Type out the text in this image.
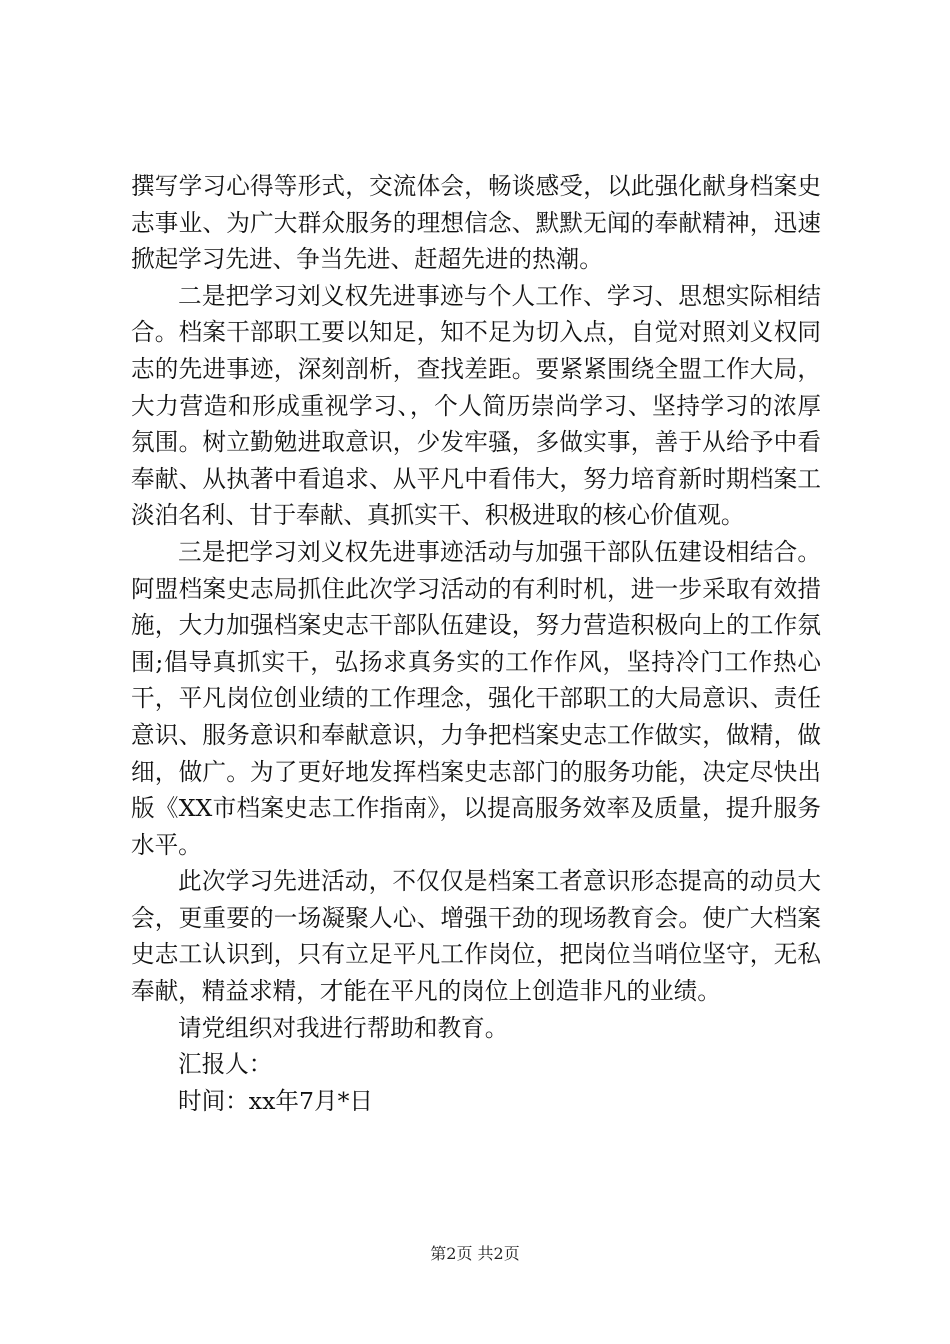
撰写学习心得等形式，交流体会，畅谈感受，以此强化献身档案史志事业、为广大群众服务的理想信念、默默无闻的奉献精神，迅速掀起学习先进、争当先进、赶超先进的热潮。

二是把学习刘义权先进事迹与个人工作、学习、思想实际相结合。档案干部职工要以知足，知不足为切入点，自觉对照刘义权同志的先进事迹，深刻剖析，查找差距。要紧紧围绕全盟工作大局，大力营造和形成重视学习、，个人简历崇尚学习、坚持学习的浓厚氛围。树立勤勉进取意识，少发牢骚，多做实事，善于从给予中看奉献、从执著中看追求、从平凡中看伟大，努力培育新时期档案工淡泊名利、甘于奉献、真抓实干、积极进取的核心价值观。

三是把学习刘义权先进事迹活动与加强干部队伍建设相结合。阿盟档案史志局抓住此次学习活动的有利时机，进一步采取有效措施，大力加强档案史志干部队伍建设，努力营造积极向上的工作氛围;倡导真抓实干，弘扬求真务实的工作作风，坚持冷门工作热心干，平凡岗位创业绩的工作理念，强化干部职工的大局意识、责任意识、服务意识和奉献意识，力争把档案史志工作做实，做精，做细，做广。为了更好地发挥档案史志部门的服务功能，决定尽快出版《XX市档案史志工作指南》，以提高服务效率及质量，提升服务水平。

此次学习先进活动，不仅仅是档案工者意识形态提高的动员大会，更重要的一场凝聚人心、增强干劲的现场教育会。使广大档案史志工认识到，只有立足平凡工作岗位，把岗位当哨位坚守，无私奉献，精益求精，才能在平凡的岗位上创造非凡的业绩。

请党组织对我进行帮助和教育。

汇报人：

时间：xx年7月*日

第2页 共2页
